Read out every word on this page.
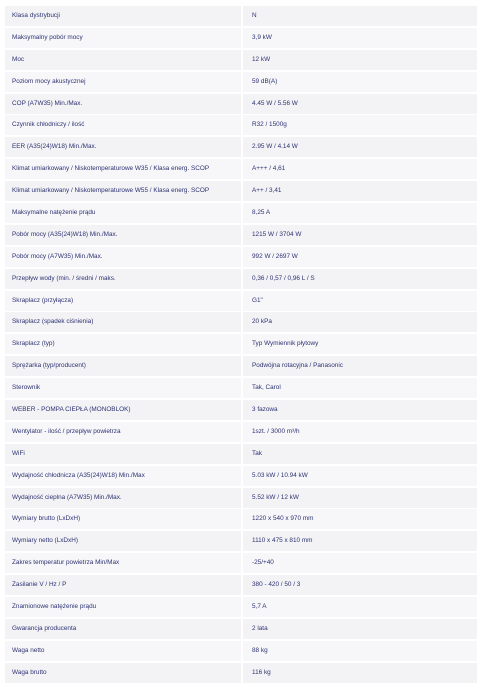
Klasa dystrybucji	N
Maksymalny pobór mocy	3,9 kW
Moc	12 kW
Poziom mocy akustycznej	59 dB(A)
COP (A7W35) Min./Max.	4.45 W / 5.56 W
Czynnik chłodniczy / ilość	R32 / 1500g
EER (A35(24)W18) Min./Max.	2.95 W / 4.14 W
Klimat umiarkowany / Niskotemperaturowe W35 / Klasa energ. SCOP	A+++ / 4,61
Klimat umiarkowany / Niskotemperaturowe W55 / Klasa energ. SCOP	A++ / 3,41
Maksymalne natężenie prądu	8,25 A
Pobór mocy (A35(24)W18) Min./Max.	1215 W / 3704 W
Pobór mocy (A7W35) Min./Max.	992 W / 2697 W
Przepływ wody (min. / średni / maks.	0,36 / 0,57 / 0,96 L / S
Skraplacz (przyłącza)	G1"
Skraplacz (spadek ciśnienia)	20 kPa
Skraplacz (typ)	Typ Wymiennik płytowy
Sprężarka (typ/producent)	Podwójna rotacyjna / Panasonic
Sterownik	Tak, Carol
WEBER - POMPA CIEPŁA (MONOBLOK)	3 fazowa
Wentylator - ilość / przepływ powietrza	1szt. / 3000 m³/h
WiFi	Tak
Wydajność chłodnicza (A35(24)W18) Min./Max	5.03 kW / 10.94 kW
Wydajność cieplna (A7W35) Min./Max.	5.52 kW / 12 kW
Wymiary brutto (LxDxH)	1220 x 540 x 970 mm
Wymiary netto (LxDxH)	1110 x 475 x 810 mm
Zakres temperatur powietrza Min/Max	-25/+40
Zasilanie V / Hz / P	380 - 420 / 50 / 3
Znamionowe natężenie prądu	5,7 A
Gwarancja producenta	2 lata
Waga netto	88 kg
Waga brutto	116 kg
